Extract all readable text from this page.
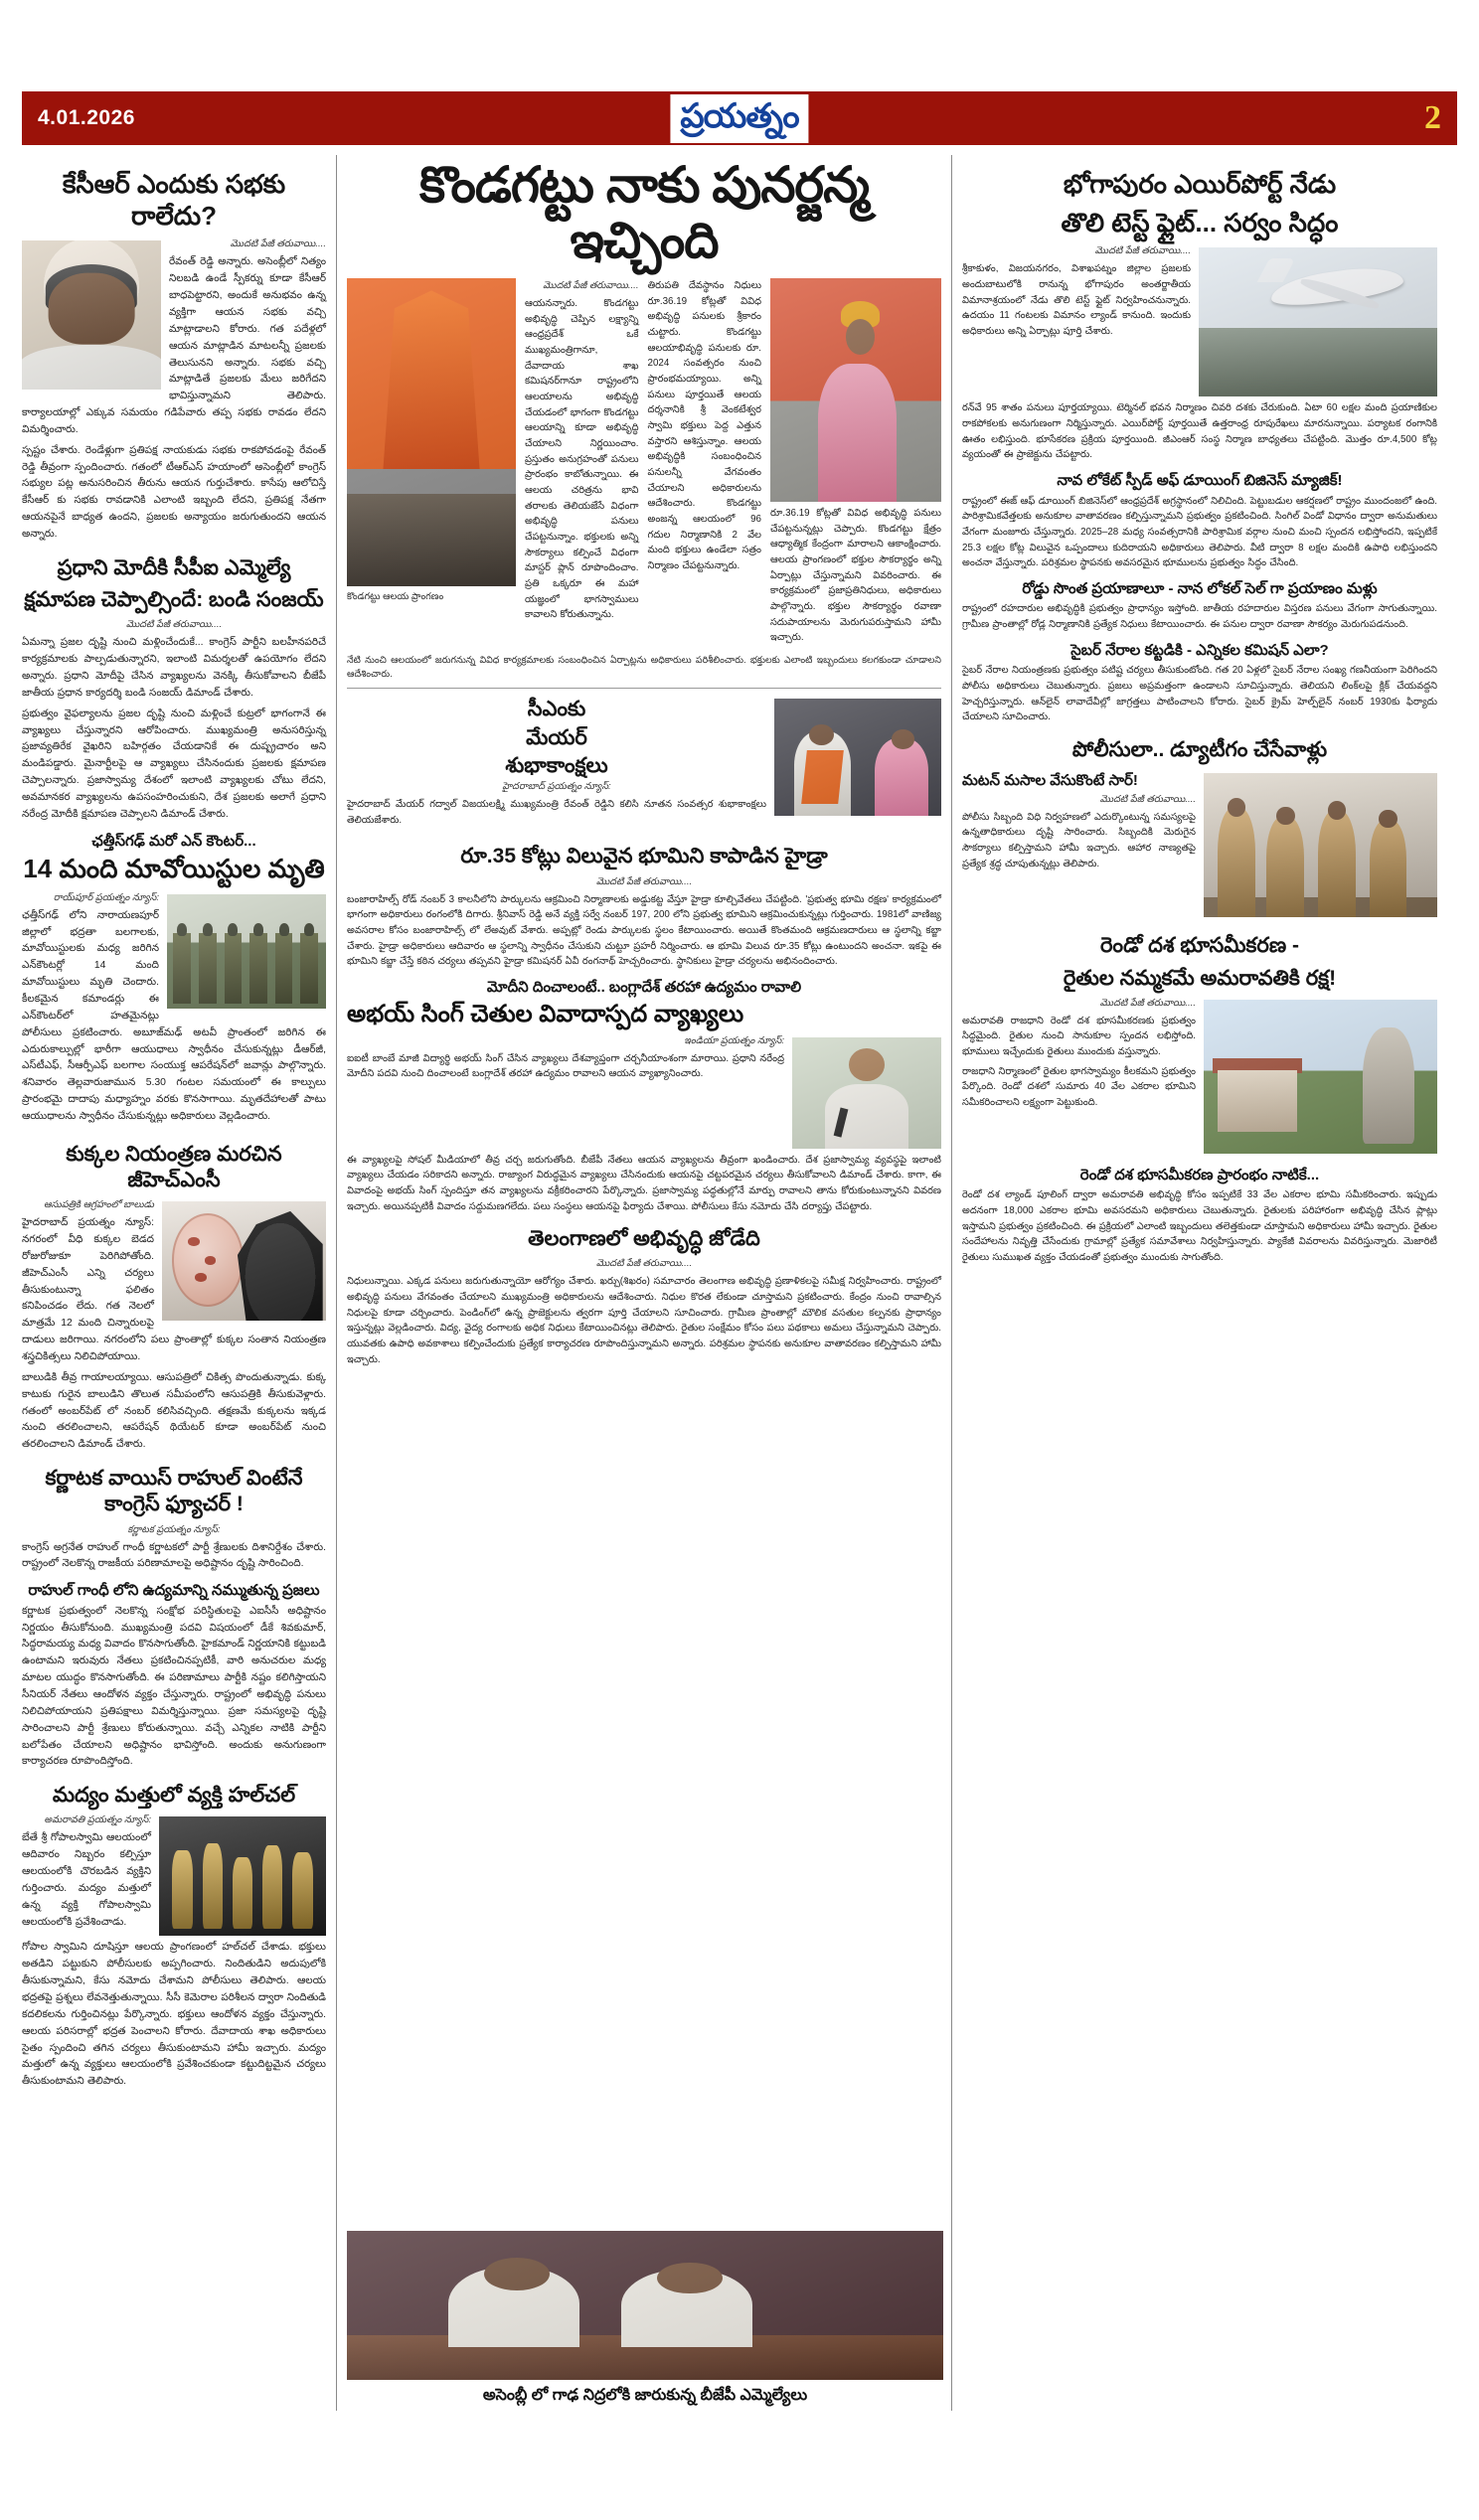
4.01.2026	ప్రయత్నం	2
కేసీఆర్ ఎందుకు సభకు రాలేదు?
మొదటి పేజీ తరువాయి....

రేవంత్ రెడ్డి అన్నారు. అసెంబ్లీలో నిత్యం నిలబడి ఉండే స్పీకర్ను కూడా కేసీఆర్ బాధపెట్టారని, అందుకే అనుభవం ఉన్న వ్యక్తిగా ఆయన సభకు వచ్చి మాట్లాడాలని కోరారు. గత పదేళ్లలో ఆయన మాట్లాడిన మాటలన్నీ ప్రజలకు తెలుసునని అన్నారు. సభకు వచ్చి మాట్లాడితే ప్రజలకు మేలు జరిగేదని భావిస్తున్నామని తెలిపారు. కార్యాలయాల్లో ఎక్కువ సమయం గడిపేవారు తప్ప సభకు రావడం లేదని విమర్శించారు.

స్పష్టం చేశారు. రెండేళ్లుగా ప్రతిపక్ష నాయకుడు సభకు రాకపోవడంపై రేవంత్ రెడ్డి తీవ్రంగా స్పందించారు. గతంలో టీఆర్ఎస్ హయాంలో అసెంబ్లీలో కాంగ్రెస్ సభ్యుల పట్ల అనుసరించిన తీరును ఆయన గుర్తుచేశారు. కాసేపు ఆలోచిస్తే కేసీఆర్ కు సభకు రావడానికి ఎలాంటి ఇబ్బంది లేదని, ప్రతిపక్ష నేతగా ఆయనపైనే బాధ్యత ఉందని, ప్రజలకు అన్యాయం జరుగుతుందని ఆయన అన్నారు.

ప్రధాని మోదీకి సీపీఐ ఎమ్మెల్యే
క్షమాపణ చెప్పాల్సిందే: బండి సంజయ్
మొదటి పేజీ తరువాయి....

ఏమన్నా ప్రజల దృష్టి నుంచి మళ్లించేందుకే... కాంగ్రెస్ పార్టీని బలహీనపరిచే కార్యక్రమాలకు పాల్పడుతున్నారని, ఇలాంటి విమర్శలతో ఉపయోగం లేదని అన్నారు. ప్రధాని మోదీపై చేసిన వ్యాఖ్యలను వెనక్కి తీసుకోవాలని బీజేపీ జాతీయ ప్రధాన కార్యదర్శి బండి సంజయ్ డిమాండ్ చేశారు.

ప్రభుత్వం వైఫల్యాలను ప్రజల దృష్టి నుంచి మళ్లించే కుట్రలో భాగంగానే ఈ వ్యాఖ్యలు చేస్తున్నారని ఆరోపించారు. ముఖ్యమంత్రి అనుసరిస్తున్న ప్రజావ్యతిరేక వైఖరిని బహిర్గతం చేయడానికే ఈ దుష్ప్రచారం అని మండిపడ్డారు. మైనార్టీలపై ఆ వ్యాఖ్యలు చేసినందుకు ప్రజలకు క్షమాపణ చెప్పాలన్నారు. ప్రజాస్వామ్య దేశంలో ఇలాంటి వ్యాఖ్యలకు చోటు లేదని, అవమానకర వ్యాఖ్యలను ఉపసంహరించుకుని, దేశ ప్రజలకు అలాగే ప్రధాని నరేంద్ర మోదీకి క్షమాపణ చెప్పాలని డిమాండ్ చేశారు.

ఛత్తీస్‌గఢ్ మరో ఎన్ కౌంటర్...
14 మంది మావోయిస్టుల మృతి
రాయ్‌పూర్ ప్రయత్నం న్యూస్:

ఛత్తీస్‌గఢ్ లోని నారాయణపూర్ జిల్లాలో భద్రతా బలగాలకు, మావోయిస్టులకు మధ్య జరిగిన ఎన్‌కౌంటర్లో 14 మంది మావోయిస్టులు మృతి చెందారు. కీలకమైన కమాండర్లు ఈ ఎన్‌కౌంటర్‌లో హతమైనట్లు పోలీసులు ప్రకటించారు. అబూజ్‌మఢ్ అటవీ ప్రాంతంలో జరిగిన ఈ ఎదురుకాల్పుల్లో భారీగా ఆయుధాలు స్వాధీనం చేసుకున్నట్లు డీఆర్‌జీ, ఎస్‌టీఎఫ్, సీఆర్పీఎఫ్ బలగాల సంయుక్త ఆపరేషన్‌లో జవాన్లు పాల్గొన్నారు. శనివారం తెల్లవారుజామున 5.30 గంటల సమయంలో ఈ కాల్పులు ప్రారంభమై దాదాపు మధ్యాహ్నం వరకు కొనసాగాయి. మృతదేహాలతో పాటు ఆయుధాలను స్వాధీనం చేసుకున్నట్లు అధికారులు వెల్లడించారు.

కుక్కల నియంత్రణ మరచిన జీహెచ్ఎంసీ
ఆసుపత్రికి ఆగ్రహంలో బాలుడు

హైదరాబాద్ ప్రయత్నం న్యూస్: నగరంలో వీధి కుక్కల బెడద రోజురోజుకూ పెరిగిపోతోంది. జీహెచ్ఎంసీ ఎన్ని చర్యలు తీసుకుంటున్నా ఫలితం కనిపించడం లేదు. గత నెలలో మాత్రమే 12 మంది చిన్నారులపై దాడులు జరిగాయి. నగరంలోని పలు ప్రాంతాల్లో కుక్కల సంతాన నియంత్రణ శస్త్రచికిత్సలు నిలిచిపోయాయి.

బాలుడికి తీవ్ర గాయాలయ్యాయి. ఆసుపత్రిలో చికిత్స పొందుతున్నాడు. కుక్క కాటుకు గురైన బాలుడిని తొలుత సమీపంలోని ఆసుపత్రికి తీసుకువెళ్లారు. గతంలో అంబర్‌పేట్ లో నంబర్ కలిసివచ్చింది. తక్షణమే కుక్కలను ఇక్కడ నుంచి తరలించాలని, ఆపరేషన్ థియేటర్ కూడా అంబర్‌పేట్ నుంచి తరలించాలని డిమాండ్ చేశారు.

కర్ణాటక వాయిస్ రాహుల్ వింటేనే కాంగ్రెస్ ఫ్యూచర్ !
కర్ణాటక ప్రయత్నం న్యూస్:

కాంగ్రెస్ అగ్రనేత రాహుల్ గాంధీ కర్ణాటకలో పార్టీ శ్రేణులకు దిశానిర్దేశం చేశారు. రాష్ట్రంలో నెలకొన్న రాజకీయ పరిణామాలపై అధిష్టానం దృష్టి సారించింది.

రాహుల్ గాంధీ లోని ఉద్యమాన్ని నమ్ముతున్న ప్రజలు

కర్ణాటక ప్రభుత్వంలో నెలకొన్న సంక్షోభ పరిస్థితులపై ఎఐసీసీ అధిష్టానం నిర్ణయం తీసుకోనుంది. ముఖ్యమంత్రి పదవి విషయంలో డీకే శివకుమార్, సిద్ధరామయ్య మధ్య వివాదం కొనసాగుతోంది. హైకమాండ్ నిర్ణయానికి కట్టుబడి ఉంటామని ఇరువురు నేతలు ప్రకటించినప్పటికీ, వారి అనుచరుల మధ్య మాటల యుద్ధం కొనసాగుతోంది. ఈ పరిణామాలు పార్టీకి నష్టం కలిగిస్తాయని సీనియర్ నేతలు ఆందోళన వ్యక్తం చేస్తున్నారు. రాష్ట్రంలో అభివృద్ధి పనులు నిలిచిపోయాయని ప్రతిపక్షాలు విమర్శిస్తున్నాయి. ప్రజా సమస్యలపై దృష్టి సారించాలని పార్టీ శ్రేణులు కోరుతున్నాయి. వచ్చే ఎన్నికల నాటికి పార్టీని బలోపేతం చేయాలని అధిష్టానం భావిస్తోంది. అందుకు అనుగుణంగా కార్యాచరణ రూపొందిస్తోంది.

మద్యం మత్తులో వ్యక్తి హల్‌చల్
అమరావతి ప్రయత్నం న్యూస్:

బేతే శ్రీ గోపాలస్వామి ఆలయంలో ఆదివారం నిబ్బరం కల్పిస్తూ ఆలయంలోకి చొరబడిన వ్యక్తిని గుర్తించారు. మద్యం మత్తులో ఉన్న వ్యక్తి గోపాలస్వామి ఆలయంలోకి ప్రవేశించాడు.

గోపాల స్వామిని దూషిస్తూ ఆలయ ప్రాంగణంలో హల్‌చల్ చేశాడు. భక్తులు అతడిని పట్టుకుని పోలీసులకు అప్పగించారు. నిందితుడిని అదుపులోకి తీసుకున్నామని, కేసు నమోదు చేశామని పోలీసులు తెలిపారు. ఆలయ భద్రతపై ప్రశ్నలు లేవనెత్తుతున్నాయి. సీసీ కెమెరాల పరిశీలన ద్వారా నిందితుడి కదలికలను గుర్తించినట్లు పేర్కొన్నారు. భక్తులు ఆందోళన వ్యక్తం చేస్తున్నారు. ఆలయ పరిసరాల్లో భద్రత పెంచాలని కోరారు. దేవాదాయ శాఖ అధికారులు సైతం స్పందించి తగిన చర్యలు తీసుకుంటామని హామీ ఇచ్చారు. మద్యం మత్తులో ఉన్న వ్యక్తులు ఆలయంలోకి ప్రవేశించకుండా కట్టుదిట్టమైన చర్యలు తీసుకుంటామని తెలిపారు.

కొండగట్టు నాకు పునర్జన్మ ఇచ్చింది
కొండగట్టు ఆలయ ప్రాంగణం
మొదటి పేజీ తరువాయి....

ఆయనన్నారు. కొండగట్టు అభివృద్ధి చెప్పిన లక్ష్యాన్ని ఆంధ్రప్రదేశ్ ఒకే ముఖ్యమంత్రిగానూ, దేవాదాయ శాఖ కమిషనర్‌గానూ రాష్ట్రంలోని ఆలయాలను అభివృద్ధి చేయడంలో భాగంగా కొండగట్టు ఆలయాన్ని కూడా అభివృద్ధి చేయాలని నిర్ణయించాం. ప్రస్తుతం అనుగ్రహంతో పనులు ప్రారంభం కాబోతున్నాయి. ఈ ఆలయ చరిత్రను భావి తరాలకు తెలియజేసే విధంగా అభివృద్ధి పనులు చేపట్టనున్నాం. భక్తులకు అన్ని సౌకర్యాలు కల్పించే విధంగా మాస్టర్ ప్లాన్ రూపొందించాం. ప్రతి ఒక్కరూ ఈ మహా యజ్ఞంలో భాగస్వాములు కావాలని కోరుతున్నాను.

తిరుపతి దేవస్థానం నిధులు రూ.36.19 కోట్లతో వివిధ అభివృద్ధి పనులకు శ్రీకారం చుట్టారు. కొండగట్టు ఆలయాభివృద్ధి పనులకు రూ. 2024 సంవత్సరం నుంచి ప్రారంభమయ్యాయి. అన్ని పనులు పూర్తయితే ఆలయ దర్శనానికి శ్రీ వెంకటేశ్వర స్వామి భక్తులు పెద్ద ఎత్తున వస్తారని ఆశిస్తున్నాం. ఆలయ అభివృద్ధికి సంబంధించిన పనులన్నీ వేగవంతం చేయాలని అధికారులను ఆదేశించారు. కొండగట్టు అంజన్న ఆలయంలో 96 గదుల నిర్మాణానికి 2 వేల మంది భక్తులు ఉండేలా సత్రం నిర్మాణం చేపట్టనున్నారు.

రూ.36.19 కోట్లతో వివిధ అభివృద్ధి పనులు చేపట్టనున్నట్లు చెప్పారు. కొండగట్టు క్షేత్రం ఆధ్యాత్మిక కేంద్రంగా మారాలని ఆకాంక్షించారు. ఆలయ ప్రాంగణంలో భక్తుల సౌకర్యార్థం అన్ని ఏర్పాట్లు చేస్తున్నామని వివరించారు. ఈ కార్యక్రమంలో ప్రజాప్రతినిధులు, అధికారులు పాల్గొన్నారు. భక్తుల సౌకర్యార్థం రవాణా సదుపాయాలను మెరుగుపరుస్తామని హామీ ఇచ్చారు.

నేటి నుంచి ఆలయంలో జరుగనున్న వివిధ కార్యక్రమాలకు సంబంధించిన ఏర్పాట్లను అధికారులు పరిశీలించారు. భక్తులకు ఎలాంటి ఇబ్బందులు కలగకుండా చూడాలని ఆదేశించారు.

సీఎంకు
మేయర్
శుభాకాంక్షలు
హైదరాబాద్ ప్రయత్నం న్యూస్:

హైదరాబాద్ మేయర్ గద్వాల్ విజయలక్ష్మి ముఖ్యమంత్రి రేవంత్ రెడ్డిని కలిసి నూతన సంవత్సర శుభాకాంక్షలు తెలియజేశారు.

రూ.35 కోట్లు విలువైన భూమిని కాపాడిన హైడ్రా
మొదటి పేజీ తరువాయి....

బంజారాహిల్స్ రోడ్ నంబర్ 3 కాలనీలోని పార్కులను ఆక్రమించి నిర్మాణాలకు అడ్డుకట్ట వేస్తూ హైడ్రా కూల్చివేతలు చేపట్టింది. 'ప్రభుత్వ భూమి రక్షణ' కార్యక్రమంలో భాగంగా అధికారులు రంగంలోకి దిగారు. శ్రీనివాస్ రెడ్డి అనే వ్యక్తి సర్వే నంబర్ 197, 200 లోని ప్రభుత్వ భూమిని ఆక్రమించుకున్నట్లు గుర్తించారు. 1981లో వాణిజ్య అవసరాల కోసం బంజారాహిల్స్ లో లేఅవుట్ వేశారు. అప్పట్లో రెండు పార్కులకు స్థలం కేటాయించారు. అయితే కొంతమంది ఆక్రమణదారులు ఆ స్థలాన్ని కబ్జా చేశారు. హైడ్రా అధికారులు ఆదివారం ఆ స్థలాన్ని స్వాధీనం చేసుకుని చుట్టూ ప్రహరీ నిర్మించారు. ఆ భూమి విలువ రూ.35 కోట్లు ఉంటుందని అంచనా. ఇకపై ఈ భూమిని కబ్జా చేస్తే కఠిన చర్యలు తప్పవని హైడ్రా కమిషనర్ ఏవీ రంగనాథ్ హెచ్చరించారు. స్థానికులు హైడ్రా చర్యలను అభినందించారు.

మోదీని దించాలంటే.. బంగ్లాదేశ్ తరహా ఉద్యమం రావాలి
అభయ్ సింగ్ చెతుల వివాదాస్పద వ్యాఖ్యలు
ఇండియా ప్రయత్నం న్యూస్:

ఐఐటీ బాంబే మాజీ విద్యార్థి అభయ్ సింగ్ చేసిన వ్యాఖ్యలు దేశవ్యాప్తంగా చర్చనీయాంశంగా మారాయి. ప్రధాని నరేంద్ర మోదీని పదవి నుంచి దించాలంటే బంగ్లాదేశ్ తరహా ఉద్యమం రావాలని ఆయన వ్యాఖ్యానించారు.

ఈ వ్యాఖ్యలపై సోషల్ మీడియాలో తీవ్ర చర్చ జరుగుతోంది. బీజేపీ నేతలు ఆయన వ్యాఖ్యలను తీవ్రంగా ఖండించారు. దేశ ప్రజాస్వామ్య వ్యవస్థపై ఇలాంటి వ్యాఖ్యలు చేయడం సరికాదని అన్నారు. రాజ్యాంగ విరుద్ధమైన వ్యాఖ్యలు చేసినందుకు ఆయనపై చట్టపరమైన చర్యలు తీసుకోవాలని డిమాండ్ చేశారు. కాగా, ఈ వివాదంపై అభయ్ సింగ్ స్పందిస్తూ తన వ్యాఖ్యలను వక్రీకరించారని పేర్కొన్నారు. ప్రజాస్వామ్య పద్ధతుల్లోనే మార్పు రావాలని తాను కోరుకుంటున్నానని వివరణ ఇచ్చారు. అయినప్పటికీ వివాదం సద్దుమణగలేదు. పలు సంస్థలు ఆయనపై ఫిర్యాదు చేశాయి. పోలీసులు కేసు నమోదు చేసి దర్యాప్తు చేపట్టారు.

తెలంగాణలో అభివృద్ధి జోడేది
మొదటి పేజీ తరువాయి....

నిధులున్నాయి. ఎక్కడ పనులు జరుగుతున్నాయో ఆరోగ్యం చేశారు. ఖర్చు(శిఖరం) సమాచారం తెలంగాణ అభివృద్ధి ప్రణాళికలపై సమీక్ష నిర్వహించారు. రాష్ట్రంలో అభివృద్ధి పనులు వేగవంతం చేయాలని ముఖ్యమంత్రి అధికారులను ఆదేశించారు. నిధుల కొరత లేకుండా చూస్తామని ప్రకటించారు. కేంద్రం నుంచి రావాల్సిన నిధులపై కూడా చర్చించారు. పెండింగ్‌లో ఉన్న ప్రాజెక్టులను త్వరగా పూర్తి చేయాలని సూచించారు. గ్రామీణ ప్రాంతాల్లో మౌలిక వసతుల కల్పనకు ప్రాధాన్యం ఇస్తున్నట్లు వెల్లడించారు. విద్య, వైద్య రంగాలకు అధిక నిధులు కేటాయించినట్లు తెలిపారు. రైతుల సంక్షేమం కోసం పలు పథకాలు అమలు చేస్తున్నామని చెప్పారు. యువతకు ఉపాధి అవకాశాలు కల్పించేందుకు ప్రత్యేక కార్యాచరణ రూపొందిస్తున్నామని అన్నారు. పరిశ్రమల స్థాపనకు అనుకూల వాతావరణం కల్పిస్తామని హామీ ఇచ్చారు.

అసెంబ్లీ లో గాఢ నిద్రలోకి జారుకున్న బీజేపీ ఎమ్మెల్యేలు
భోగాపురం ఎయిర్‌పోర్ట్ నేడు
తొలి టెస్ట్ ఫ్లైట్... సర్వం సిద్ధం
మొదటి పేజీ తరువాయి....

శ్రీకాకుళం, విజయనగరం, విశాఖపట్నం జిల్లాల ప్రజలకు అందుబాటులోకి రానున్న భోగాపురం అంతర్జాతీయ విమానాశ్రయంలో నేడు తొలి టెస్ట్ ఫ్లైట్ నిర్వహించనున్నారు. ఉదయం 11 గంటలకు విమానం ల్యాండ్ కానుంది. ఇందుకు అధికారులు అన్ని ఏర్పాట్లు పూర్తి చేశారు.

రన్‌వే 95 శాతం పనులు పూర్తయ్యాయి. టెర్మినల్ భవన నిర్మాణం చివరి దశకు చేరుకుంది. ఏటా 60 లక్షల మంది ప్రయాణికుల రాకపోకలకు అనుగుణంగా నిర్మిస్తున్నారు. ఎయిర్‌పోర్ట్ పూర్తయితే ఉత్తరాంధ్ర రూపురేఖలు మారనున్నాయి. పర్యాటక రంగానికి ఊతం లభిస్తుంది. భూసేకరణ ప్రక్రియ పూర్తయింది. జీఎంఆర్ సంస్థ నిర్మాణ బాధ్యతలు చేపట్టింది. మొత్తం రూ.4,500 కోట్ల వ్యయంతో ఈ ప్రాజెక్టును చేపట్టారు.

నావ లోకేట్ స్పీడ్ అఫ్ డూయింగ్ బిజినెస్ మ్యాజిక్!

రాష్ట్రంలో ఈజ్ ఆఫ్ డూయింగ్ బిజినెస్‌లో ఆంధ్రప్రదేశ్ అగ్రస్థానంలో నిలిచింది. పెట్టుబడుల ఆకర్షణలో రాష్ట్రం ముందంజలో ఉంది. పారిశ్రామికవేత్తలకు అనుకూల వాతావరణం కల్పిస్తున్నామని ప్రభుత్వం ప్రకటించింది. సింగిల్ విండో విధానం ద్వారా అనుమతులు వేగంగా మంజూరు చేస్తున్నారు. 2025–28 మధ్య సంవత్సరానికి పారిశ్రామిక వర్గాల నుంచి మంచి స్పందన లభిస్తోందని, ఇప్పటికే 25.3 లక్షల కోట్ల విలువైన ఒప్పందాలు కుదిరాయని అధికారులు తెలిపారు. వీటి ద్వారా 8 లక్షల మందికి ఉపాధి లభిస్తుందని అంచనా వేస్తున్నారు. పరిశ్రమల స్థాపనకు అవసరమైన భూములను ప్రభుత్వం సిద్ధం చేసింది.

రోడ్డు సొంత ప్రయాణాలూ - నాన లోకల్ సెల్ గా ప్రయాణం మళ్లు

రాష్ట్రంలో రహదారుల అభివృద్ధికి ప్రభుత్వం ప్రాధాన్యం ఇస్తోంది. జాతీయ రహదారుల విస్తరణ పనులు వేగంగా సాగుతున్నాయి. గ్రామీణ ప్రాంతాల్లో రోడ్ల నిర్మాణానికి ప్రత్యేక నిధులు కేటాయించారు. ఈ పనుల ద్వారా రవాణా సౌకర్యం మెరుగుపడనుంది.

సైబర్ నేరాల కట్టడికి - ఎన్నికల కమిషన్ ఎలా?

సైబర్ నేరాల నియంత్రణకు ప్రభుత్వం పటిష్ట చర్యలు తీసుకుంటోంది. గత 20 ఏళ్లలో సైబర్ నేరాల సంఖ్య గణనీయంగా పెరిగిందని పోలీసు అధికారులు చెబుతున్నారు. ప్రజలు అప్రమత్తంగా ఉండాలని సూచిస్తున్నారు. తెలియని లింక్‌లపై క్లిక్ చేయవద్దని హెచ్చరిస్తున్నారు. ఆన్‌లైన్ లావాదేవీల్లో జాగ్రత్తలు పాటించాలని కోరారు. సైబర్ క్రైమ్ హెల్ప్‌లైన్ నంబర్ 1930కు ఫిర్యాదు చేయాలని సూచించారు.

పోలీసులా.. డ్యూటీగం చేసేవాళ్లు
మటన్ మసాల వేసుకొంటే సార్!
మొదటి పేజీ తరువాయి....

పోలీసు సిబ్బంది విధి నిర్వహణలో ఎదుర్కొంటున్న సమస్యలపై ఉన్నతాధికారులు దృష్టి సారించారు. సిబ్బందికి మెరుగైన సౌకర్యాలు కల్పిస్తామని హామీ ఇచ్చారు. ఆహార నాణ్యతపై ప్రత్యేక శ్రద్ధ చూపుతున్నట్లు తెలిపారు.

రెండో దశ భూసమీకరణ -
రైతుల నమ్మకమే అమరావతికి రక్ష!
మొదటి పేజీ తరువాయి....

అమరావతి రాజధాని రెండో దశ భూసమీకరణకు ప్రభుత్వం సిద్ధమైంది. రైతుల నుంచి సానుకూల స్పందన లభిస్తోంది. భూములు ఇచ్చేందుకు రైతులు ముందుకు వస్తున్నారు.

రాజధాని నిర్మాణంలో రైతుల భాగస్వామ్యం కీలకమని ప్రభుత్వం పేర్కొంది. రెండో దశలో సుమారు 40 వేల ఎకరాల భూమిని సమీకరించాలని లక్ష్యంగా పెట్టుకుంది.

రెండో దశ భూసమీకరణ ప్రారంభం నాటికే...

రెండో దశ ల్యాండ్ పూలింగ్ ద్వారా అమరావతి అభివృద్ధి కోసం ఇప్పటికే 33 వేల ఎకరాల భూమి సమీకరించారు. ఇప్పుడు అదనంగా 18,000 ఎకరాల భూమి అవసరమని అధికారులు చెబుతున్నారు. రైతులకు పరిహారంగా అభివృద్ధి చేసిన ప్లాట్లు ఇస్తామని ప్రభుత్వం ప్రకటించింది. ఈ ప్రక్రియలో ఎలాంటి ఇబ్బందులు తలెత్తకుండా చూస్తామని అధికారులు హామీ ఇచ్చారు. రైతుల సందేహాలను నివృత్తి చేసేందుకు గ్రామాల్లో ప్రత్యేక సమావేశాలు నిర్వహిస్తున్నారు. ప్యాకేజీ వివరాలను వివరిస్తున్నారు. మెజారిటీ రైతులు సుముఖత వ్యక్తం చేయడంతో ప్రభుత్వం ముందుకు సాగుతోంది.
